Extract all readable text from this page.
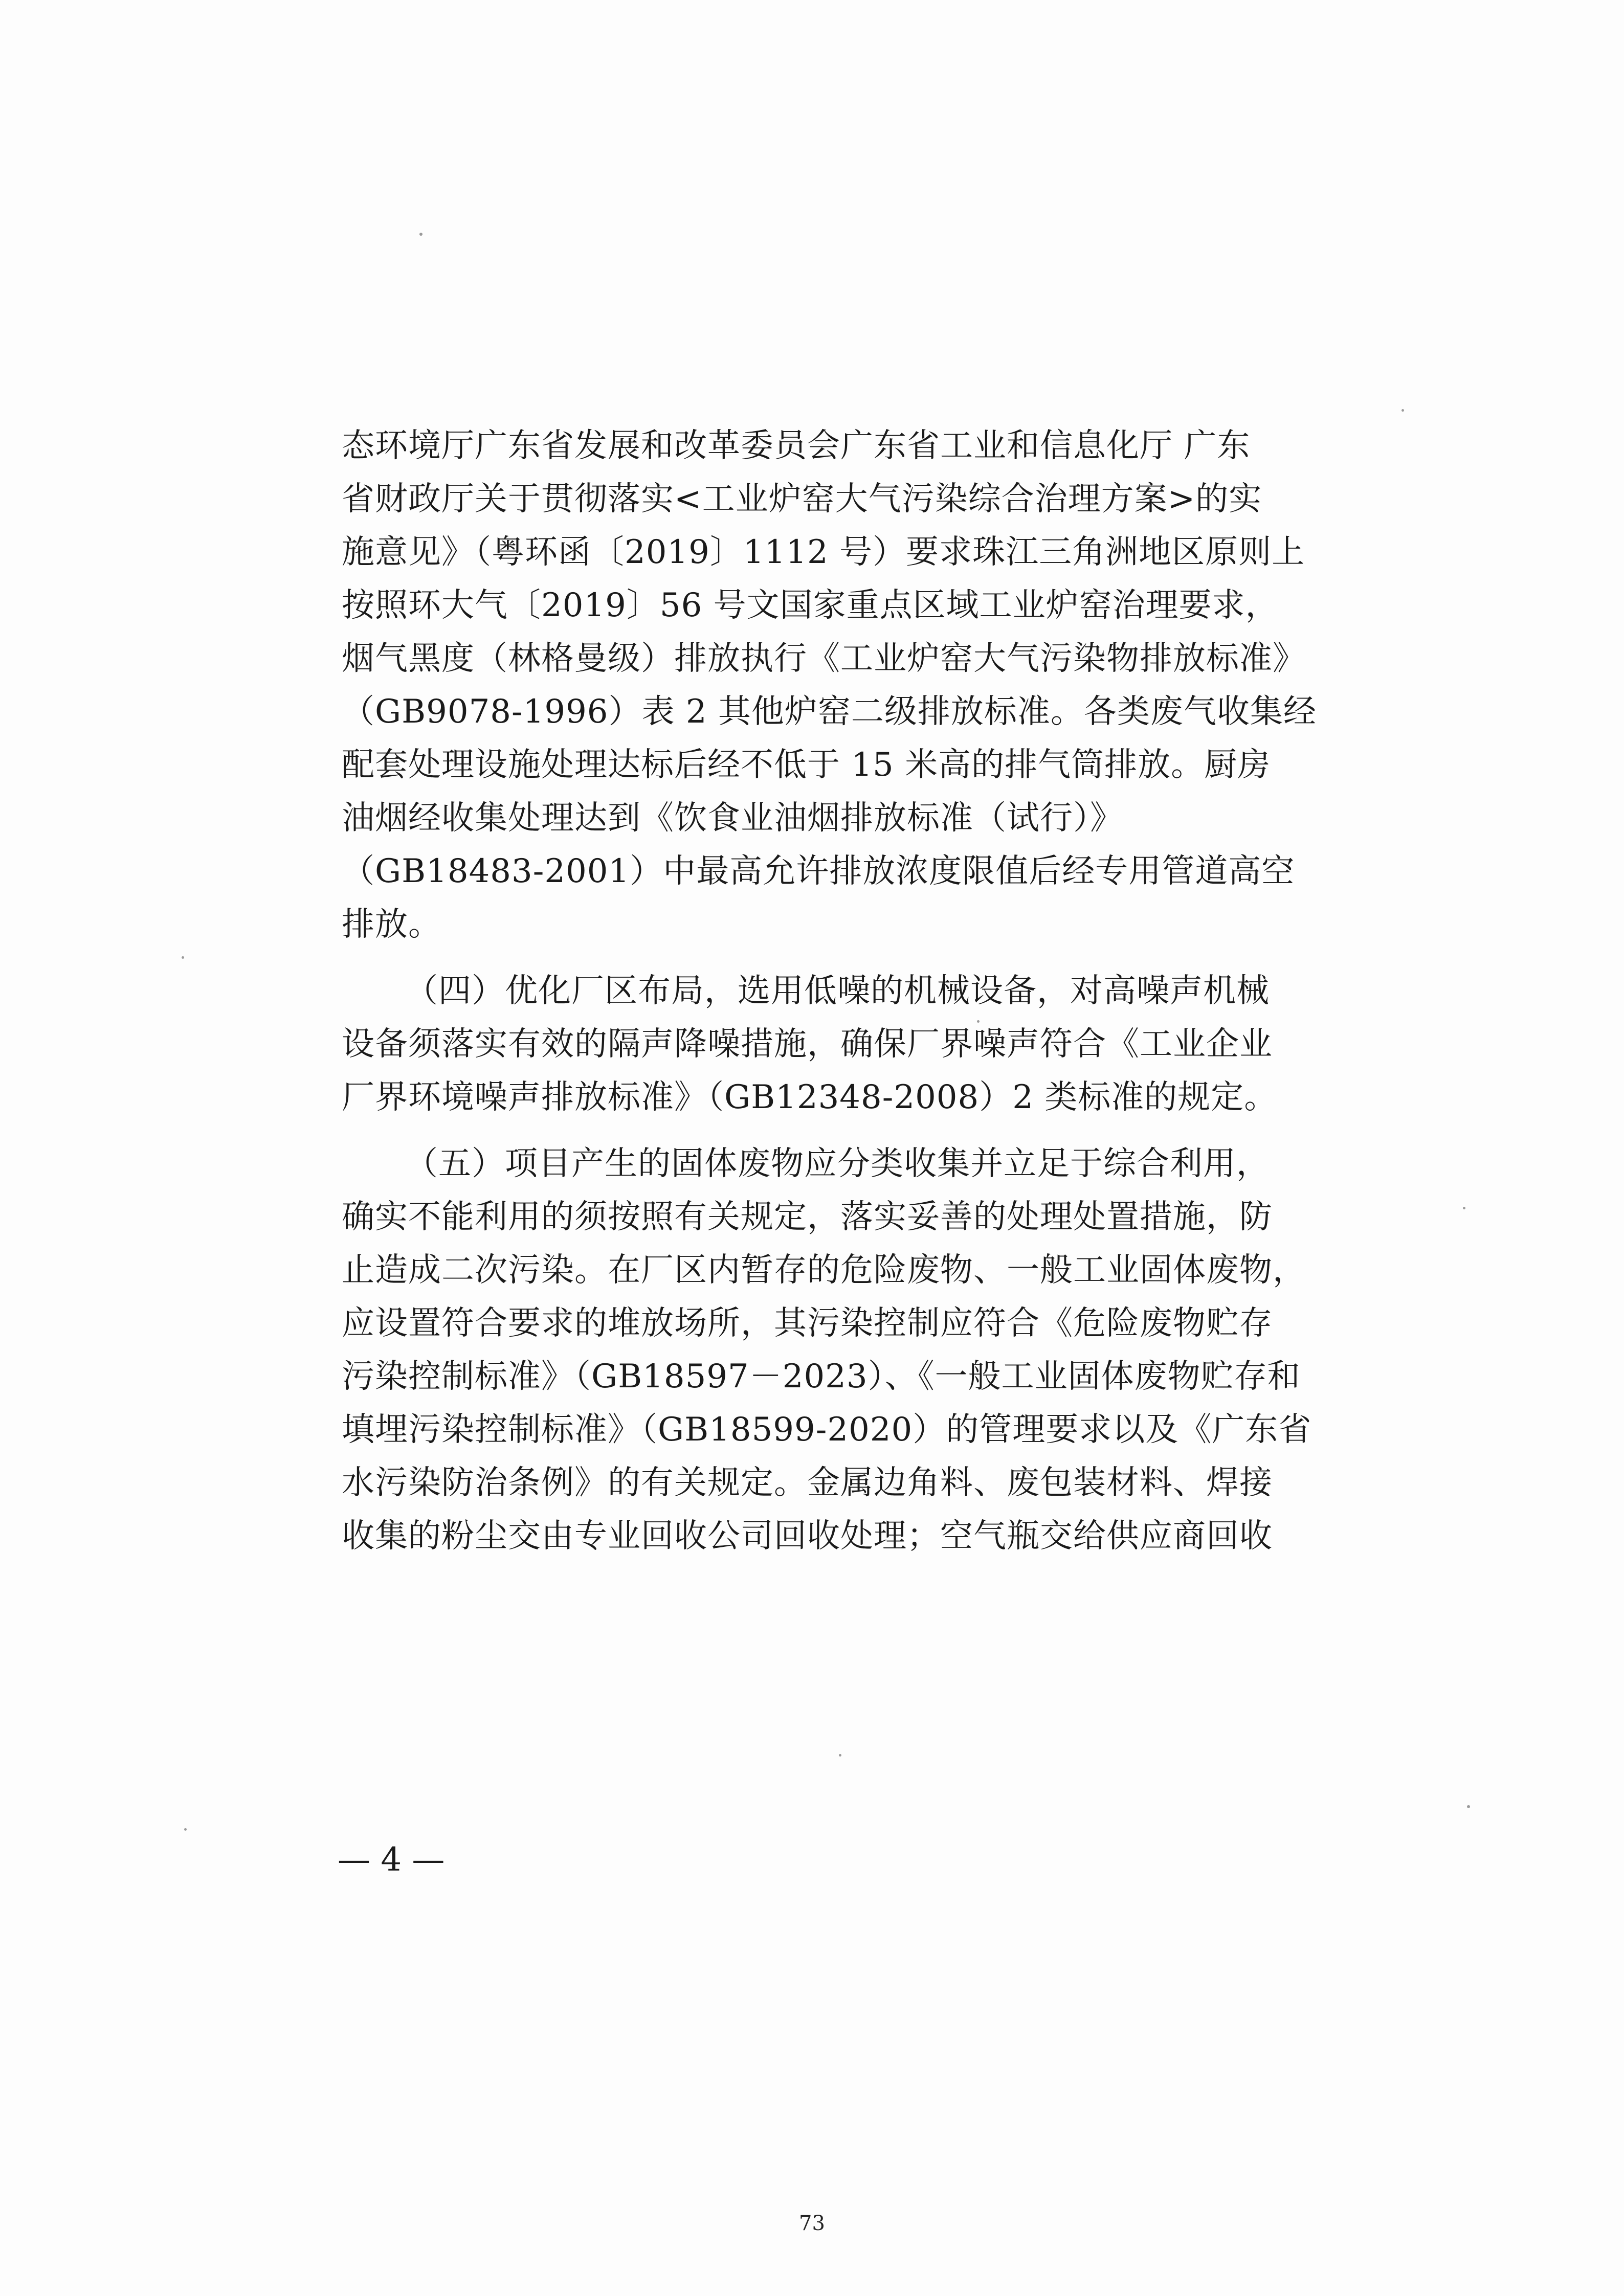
态环境厅广东省发展和改革委员会广东省工业和信息化厅 广东
省财政厅关于贯彻落实<工业炉窑大气污染综合治理方案>的实
施意见》（粤环函〔2019〕1112 号）要求珠江三角洲地区原则上
按照环大气〔2019〕56 号文国家重点区域工业炉窑治理要求，
烟气黑度（林格曼级）排放执行《工业炉窑大气污染物排放标准》
（GB9078-1996）表 2 其他炉窑二级排放标准。各类废气收集经
配套处理设施处理达标后经不低于 15 米高的排气筒排放。厨房
油烟经收集处理达到《饮食业油烟排放标准（试行）》
（GB18483-2001）中最高允许排放浓度限值后经专用管道高空
排放。
（四）优化厂区布局，选用低噪的机械设备，对高噪声机械
设备须落实有效的隔声降噪措施，确保厂界噪声符合《工业企业
厂界环境噪声排放标准》（GB12348-2008）2 类标准的规定。
（五）项目产生的固体废物应分类收集并立足于综合利用，
确实不能利用的须按照有关规定，落实妥善的处理处置措施，防
止造成二次污染。在厂区内暂存的危险废物、一般工业固体废物，
应设置符合要求的堆放场所，其污染控制应符合《危险废物贮存
污染控制标准》（GB18597－2023）、《一般工业固体废物贮存和
填埋污染控制标准》（GB18599-2020）的管理要求以及《广东省
水污染防治条例》的有关规定。金属边角料、废包装材料、焊接
收集的粉尘交由专业回收公司回收处理；空气瓶交给供应商回收
— 4 —
73
